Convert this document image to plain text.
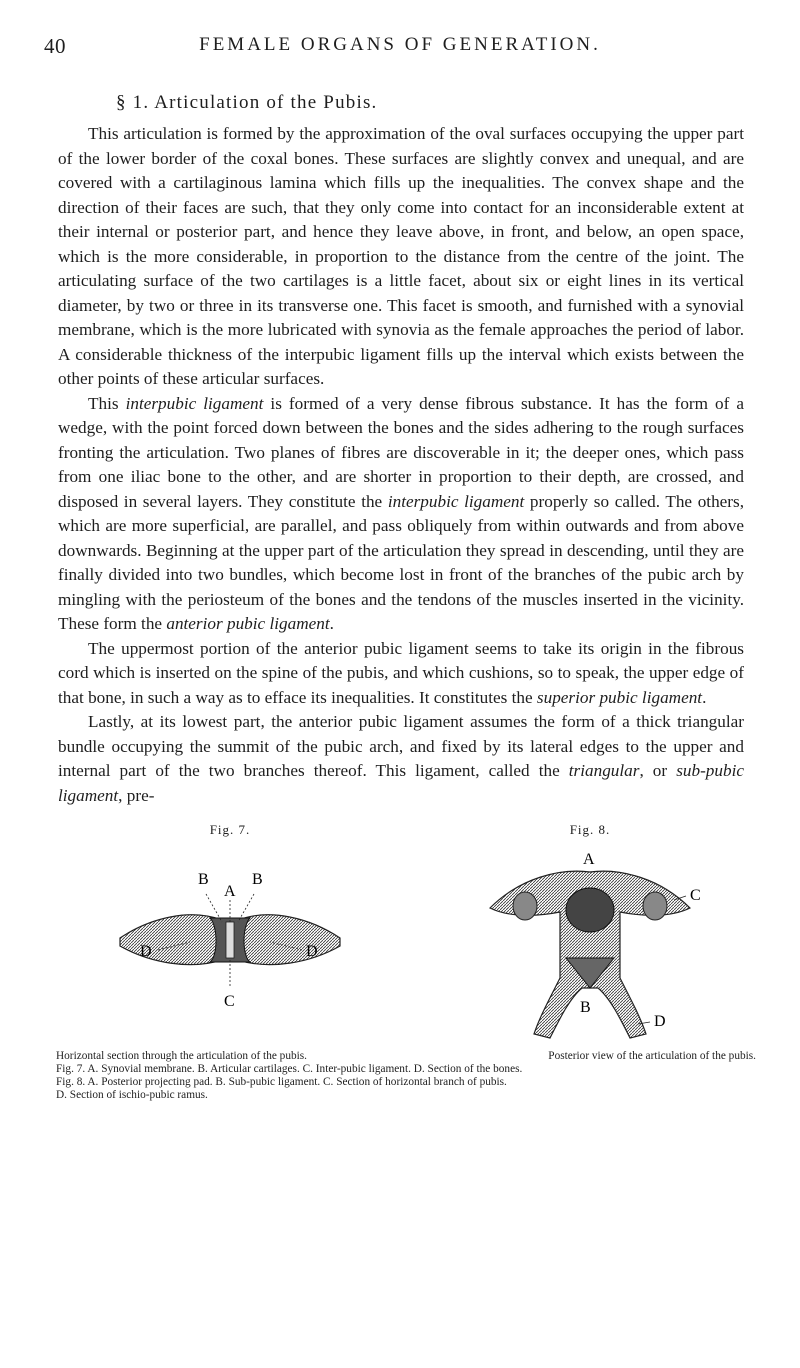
40	FEMALE ORGANS OF GENERATION.
§ 1. Articulation of the Pubis.

This articulation is formed by the approximation of the oval surfaces occupying the upper part of the lower border of the coxal bones. These surfaces are slightly convex and unequal, and are covered with a cartilaginous lamina which fills up the inequalities. The convex shape and the direction of their faces are such, that they only come into contact for an inconsiderable extent at their internal or posterior part, and hence they leave above, in front, and below, an open space, which is the more considerable, in proportion to the distance from the centre of the joint. The articulating surface of the two cartilages is a little facet, about six or eight lines in its vertical diameter, by two or three in its transverse one. This facet is smooth, and furnished with a synovial membrane, which is the more lubricated with synovia as the female approaches the period of labor. A considerable thickness of the interpubic ligament fills up the interval which exists between the other points of these articular surfaces.

This interpubic ligament is formed of a very dense fibrous substance. It has the form of a wedge, with the point forced down between the bones and the sides adhering to the rough surfaces fronting the articulation. Two planes of fibres are discoverable in it; the deeper ones, which pass from one iliac bone to the other, and are shorter in proportion to their depth, are crossed, and disposed in several layers. They constitute the interpubic ligament properly so called. The others, which are more superficial, are parallel, and pass obliquely from within outwards and from above downwards. Beginning at the upper part of the articulation they spread in descending, until they are finally divided into two bundles, which become lost in front of the branches of the pubic arch by mingling with the periosteum of the bones and the tendons of the muscles inserted in the vicinity. These form the anterior pubic ligament.

The uppermost portion of the anterior pubic ligament seems to take its origin in the fibrous cord which is inserted on the spine of the pubis, and which cushions, so to speak, the upper edge of that bone, in such a way as to efface its inequalities. It constitutes the superior pubic ligament.

Lastly, at its lowest part, the anterior pubic ligament assumes the form of a thick triangular bundle occupying the summit of the pubic arch, and fixed by its lateral edges to the upper and internal part of the two branches thereof. This ligament, called the triangular, or sub-pubic ligament, pre-

Fig. 7.
B
A
B
D	D
C
Fig. 8.
A
C
B
D
Horizontal section through the articulation of the pubis.	Posterior view of the articulation of the pubis.
Fig. 7. A. Synovial membrane. B. Articular cartilages. C. Inter-pubic ligament. D. Section of the bones.
Fig. 8. A. Posterior projecting pad. B. Sub-pubic ligament. C. Section of horizontal branch of pubis.
D. Section of ischio-pubic ramus.
